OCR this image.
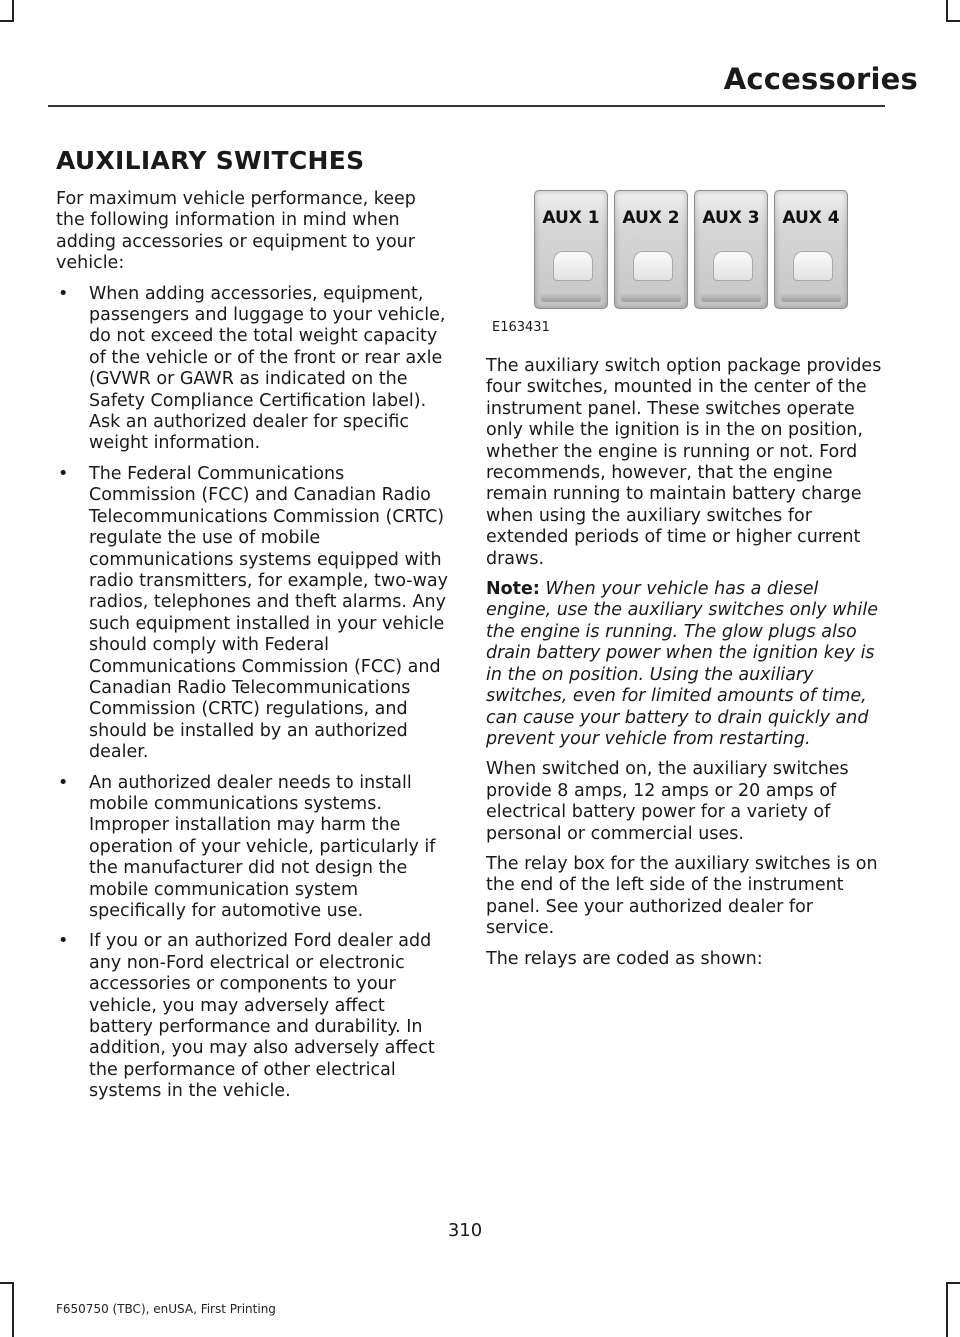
Accessories
AUXILIARY SWITCHES

For maximum vehicle performance, keep the following information in mind when adding accessories or equipment to your vehicle:

• When adding accessories, equipment, passengers and luggage to your vehicle, do not exceed the total weight capacity of the vehicle or of the front or rear axle (GVWR or GAWR as indicated on the Safety Compliance Certification label). Ask an authorized dealer for specific weight information.
• The Federal Communications Commission (FCC) and Canadian Radio Telecommunications Commission (CRTC) regulate the use of mobile communications systems equipped with radio transmitters, for example, two-way radios, telephones and theft alarms. Any such equipment installed in your vehicle should comply with Federal Communications Commission (FCC) and Canadian Radio Telecommunications Commission (CRTC) regulations, and should be installed by an authorized dealer.
• An authorized dealer needs to install mobile communications systems. Improper installation may harm the operation of your vehicle, particularly if the manufacturer did not design the mobile communication system specifically for automotive use.
• If you or an authorized Ford dealer add any non-Ford electrical or electronic accessories or components to your vehicle, you may adversely affect battery performance and durability. In addition, you may also adversely affect the performance of other electrical systems in the vehicle.
AUX 1	AUX 2	AUX 3	AUX 4
E163431

The auxiliary switch option package provides four switches, mounted in the center of the instrument panel. These switches operate only while the ignition is in the on position, whether the engine is running or not. Ford recommends, however, that the engine remain running to maintain battery charge when using the auxiliary switches for extended periods of time or higher current draws.

Note: When your vehicle has a diesel engine, use the auxiliary switches only while the engine is running. The glow plugs also drain battery power when the ignition key is in the on position. Using the auxiliary switches, even for limited amounts of time, can cause your battery to drain quickly and prevent your vehicle from restarting.

When switched on, the auxiliary switches provide 8 amps, 12 amps or 20 amps of electrical battery power for a variety of personal or commercial uses.

The relay box for the auxiliary switches is on the end of the left side of the instrument panel. See your authorized dealer for service.

The relays are coded as shown:

310
F650750 (TBC), enUSA, First Printing
